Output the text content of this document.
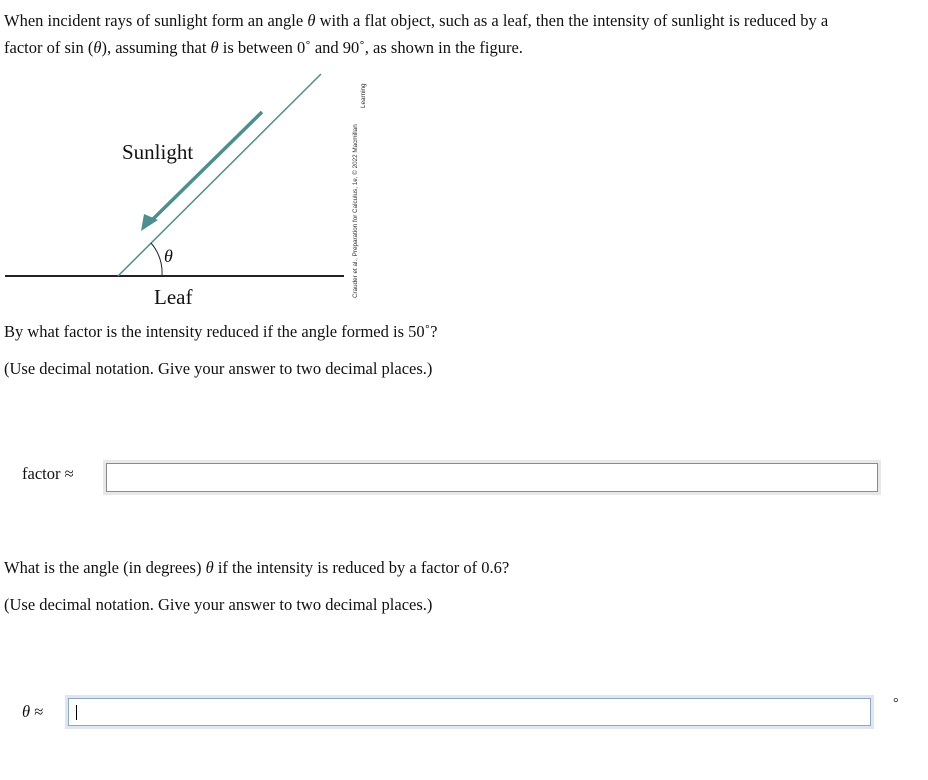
When incident rays of sunlight form an angle θ with a flat object, such as a leaf, then the intensity of sunlight is reduced by a
factor of sin (θ), assuming that θ is between 0˚ and 90˚, as shown in the figure.
Sunlight
θ
Leaf	Crauder et al., Preparation for Calculus, 1e, © 2022 Macmillan
Learning
By what factor is the intensity reduced if the angle formed is 50˚?
(Use decimal notation. Give your answer to two decimal places.)
factor ≈
What is the angle (in degrees) θ if the intensity is reduced by a factor of 0.6?
(Use decimal notation. Give your answer to two decimal places.)
θ ≈	°
